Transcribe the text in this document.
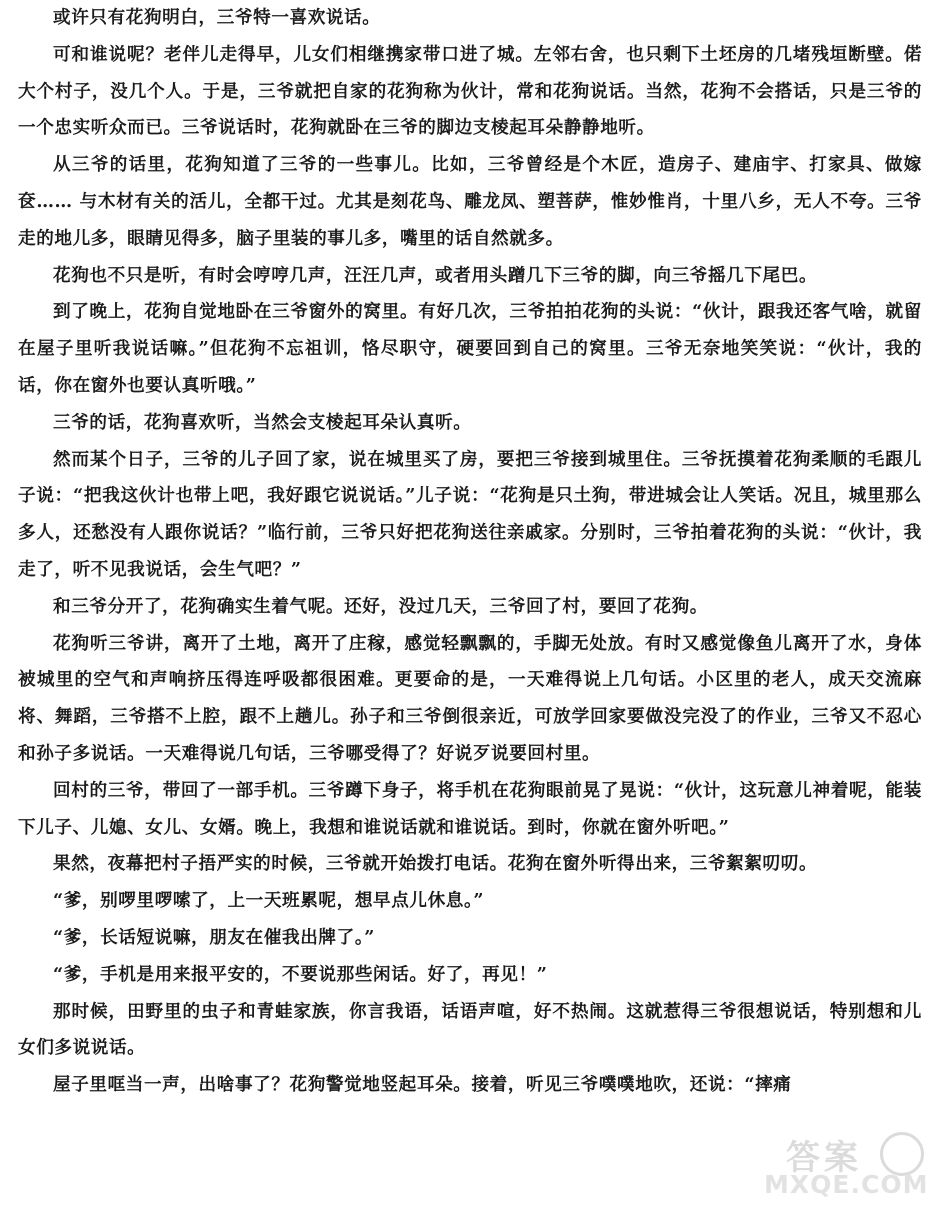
或许只有花狗明白，三爷特一喜欢说话。

可和谁说呢？老伴儿走得早，儿女们相继携家带口进了城。左邻右舍，也只剩下土坯房的几堵残垣断壁。偌大个村子，没几个人。于是，三爷就把自家的花狗称为伙计，常和花狗说话。当然，花狗不会搭话，只是三爷的一个忠实听众而已。三爷说话时，花狗就卧在三爷的脚边支棱起耳朵静静地听。

从三爷的话里，花狗知道了三爷的一些事儿。比如，三爷曾经是个木匠，造房子、建庙宇、打家具、做嫁奁…… 与木材有关的活儿，全都干过。尤其是刻花鸟、雕龙凤、塑菩萨，惟妙惟肖，十里八乡，无人不夸。三爷走的地儿多，眼睛见得多，脑子里装的事儿多，嘴里的话自然就多。

花狗也不只是听，有时会哼哼几声，汪汪几声，或者用头蹭几下三爷的脚，向三爷摇几下尾巴。

到了晚上，花狗自觉地卧在三爷窗外的窝里。有好几次，三爷拍拍花狗的头说：“伙计，跟我还客气啥，就留在屋子里听我说话嘛。”但花狗不忘祖训，恪尽职守，硬要回到自己的窝里。三爷无奈地笑笑说：“伙计，我的话，你在窗外也要认真听哦。”

三爷的话，花狗喜欢听，当然会支棱起耳朵认真听。

然而某个日子，三爷的儿子回了家，说在城里买了房，要把三爷接到城里住。三爷抚摸着花狗柔顺的毛跟儿子说：“把我这伙计也带上吧，我好跟它说说话。”儿子说：“花狗是只土狗，带进城会让人笑话。况且，城里那么多人，还愁没有人跟你说话？”临行前，三爷只好把花狗送往亲戚家。分别时，三爷拍着花狗的头说：“伙计，我走了，听不见我说话，会生气吧？”

和三爷分开了，花狗确实生着气呢。还好，没过几天，三爷回了村，要回了花狗。

花狗听三爷讲，离开了土地，离开了庄稼，感觉轻飘飘的，手脚无处放。有时又感觉像鱼儿离开了水，身体被城里的空气和声响挤压得连呼吸都很困难。更要命的是，一天难得说上几句话。小区里的老人，成天交流麻将、舞蹈，三爷搭不上腔，跟不上趟儿。孙子和三爷倒很亲近，可放学回家要做没完没了的作业，三爷又不忍心和孙子多说话。一天难得说几句话，三爷哪受得了？好说歹说要回村里。

回村的三爷，带回了一部手机。三爷蹲下身子，将手机在花狗眼前晃了晃说：“伙计，这玩意儿神着呢，能装下儿子、儿媳、女儿、女婿。晚上，我想和谁说话就和谁说话。到时，你就在窗外听吧。”

果然，夜幕把村子捂严实的时候，三爷就开始拨打电话。花狗在窗外听得出来，三爷絮絮叨叨。

“爹，别啰里啰嗦了，上一天班累呢，想早点儿休息。”

“爹，长话短说嘛，朋友在催我出牌了。”

“爹，手机是用来报平安的，不要说那些闲话。好了，再见！”

那时候，田野里的虫子和青蛙家族，你言我语，话语声喧，好不热闹。这就惹得三爷很想说话，特别想和儿女们多说说话。

屋子里哐当一声，出啥事了？花狗警觉地竖起耳朵。接着，听见三爷噗噗地吹，还说：“摔痛

答案
MXQE.COM
